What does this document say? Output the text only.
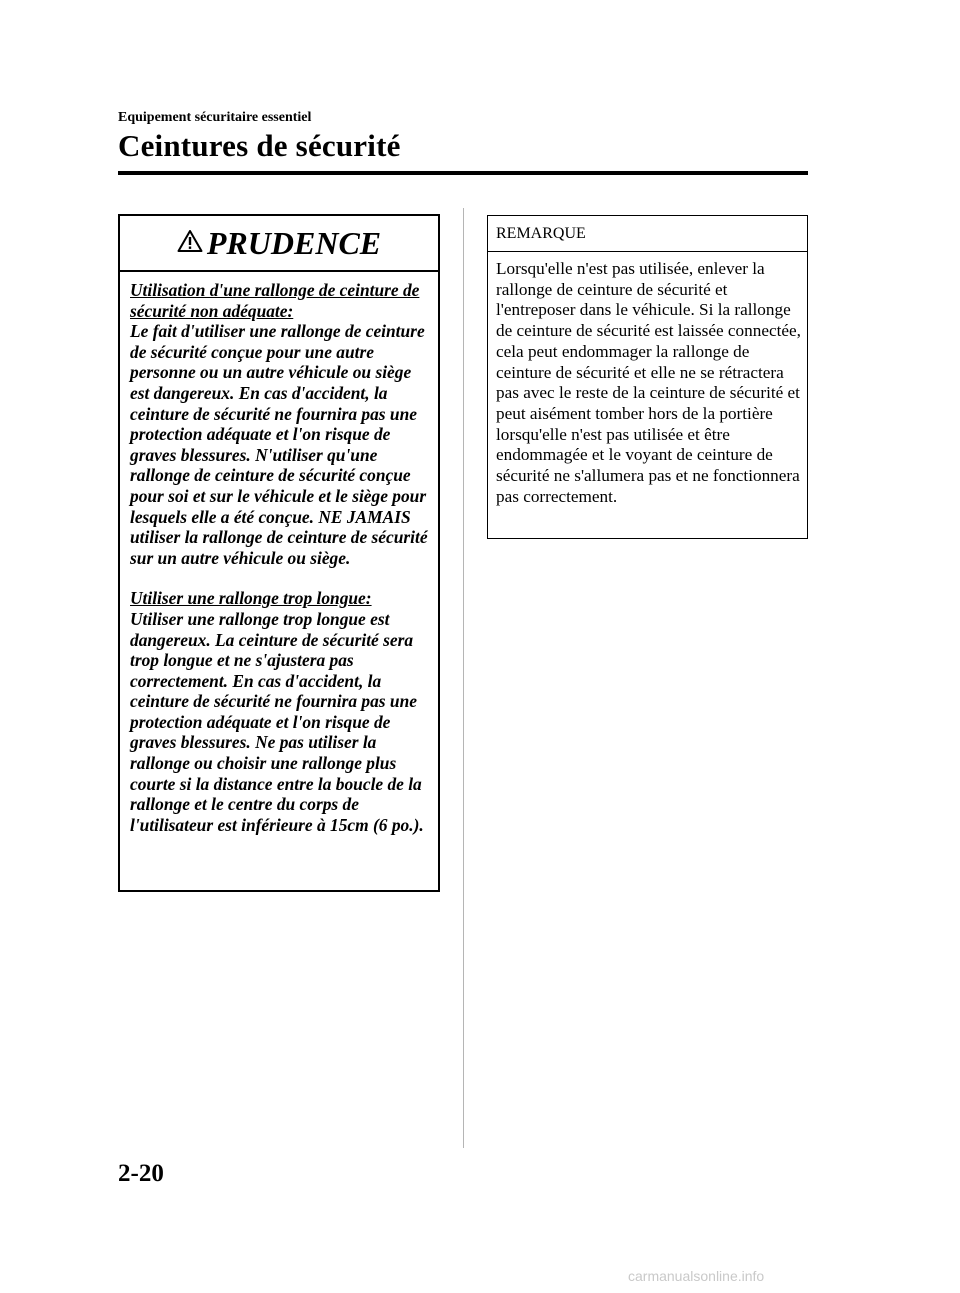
Equipement sécuritaire essentiel
Ceintures de sécurité
PRUDENCE

Utilisation d'une rallonge de ceinture de sécurité non adéquate:

Le fait d'utiliser une rallonge de ceinture de sécurité conçue pour une autre personne ou un autre véhicule ou siège est dangereux. En cas d'accident, la ceinture de sécurité ne fournira pas une protection adéquate et l'on risque de graves blessures. N'utiliser qu'une rallonge de ceinture de sécurité conçue pour soi et sur le véhicule et le siège pour lesquels elle a été conçue. NE JAMAIS utiliser la rallonge de ceinture de sécurité sur un autre véhicule ou siège.

Utiliser une rallonge trop longue:

Utiliser une rallonge trop longue est dangereux. La ceinture de sécurité sera trop longue et ne s'ajustera pas correctement. En cas d'accident, la ceinture de sécurité ne fournira pas une protection adéquate et l'on risque de graves blessures. Ne pas utiliser la rallonge ou choisir une rallonge plus courte si la distance entre la boucle de la rallonge et le centre du corps de l'utilisateur est inférieure à 15cm (6 po.).

REMARQUE
Lorsqu'elle n'est pas utilisée, enlever la rallonge de ceinture de sécurité et l'entreposer dans le véhicule. Si la rallonge de ceinture de sécurité est laissée connectée, cela peut endommager la rallonge de ceinture de sécurité et elle ne se rétractera pas avec le reste de la ceinture de sécurité et peut aisément tomber hors de la portière lorsqu'elle n'est pas utilisée et être endommagée et le voyant de ceinture de sécurité ne s'allumera pas et ne fonctionnera pas correctement.
2-20
carmanualsonline.info
